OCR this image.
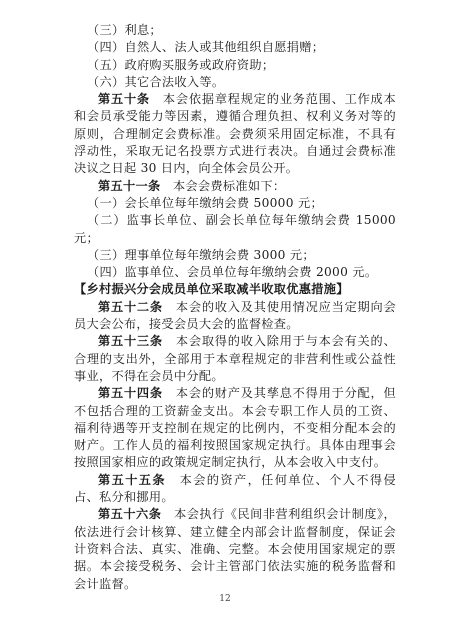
（三）利息；

（四）自然人、法人或其他组织自愿捐赠；

（五）政府购买服务或政府资助；

（六）其它合法收入等。

第五十条　 本会依据章程规定的业务范围、工作成本和会员承受能力等因素，遵循合理负担、权利义务对等的原则，合理制定会费标准。会费须采用固定标准，不具有浮动性，采取无记名投票方式进行表决。自通过会费标准决议之日起 30 日内，向全体会员公开。

第五十一条　 本会会费标准如下：

（一）会长单位每年缴纳会费 50000 元；

（二）监事长单位、副会长单位每年缴纳会费 15000 元；

（三）理事单位每年缴纳会费 3000 元；

（四）监事单位、会员单位每年缴纳会费 2000 元。

【乡村振兴分会成员单位采取减半收取优惠措施】

第五十二条　 本会的收入及其使用情况应当定期向会员大会公布，接受会员大会的监督检查。

第五十三条　 本会取得的收入除用于与本会有关的、合理的支出外，全部用于本章程规定的非营利性或公益性事业，不得在会员中分配。

第五十四条　 本会的财产及其孳息不得用于分配，但不包括合理的工资薪金支出。本会专职工作人员的工资、福利待遇等开支控制在规定的比例内，不变相分配本会的财产。工作人员的福利按照国家规定执行。具体由理事会按照国家相应的政策规定制定执行，从本会收入中支付。

第五十五条　 本会的资产，任何单位、个人不得侵占、私分和挪用。

第五十六条　 本会执行《民间非营利组织会计制度》，依法进行会计核算、建立健全内部会计监督制度，保证会计资料合法、真实、准确、完整。本会使用国家规定的票据。本会接受税务、会计主管部门依法实施的税务监督和会计监督。

12
